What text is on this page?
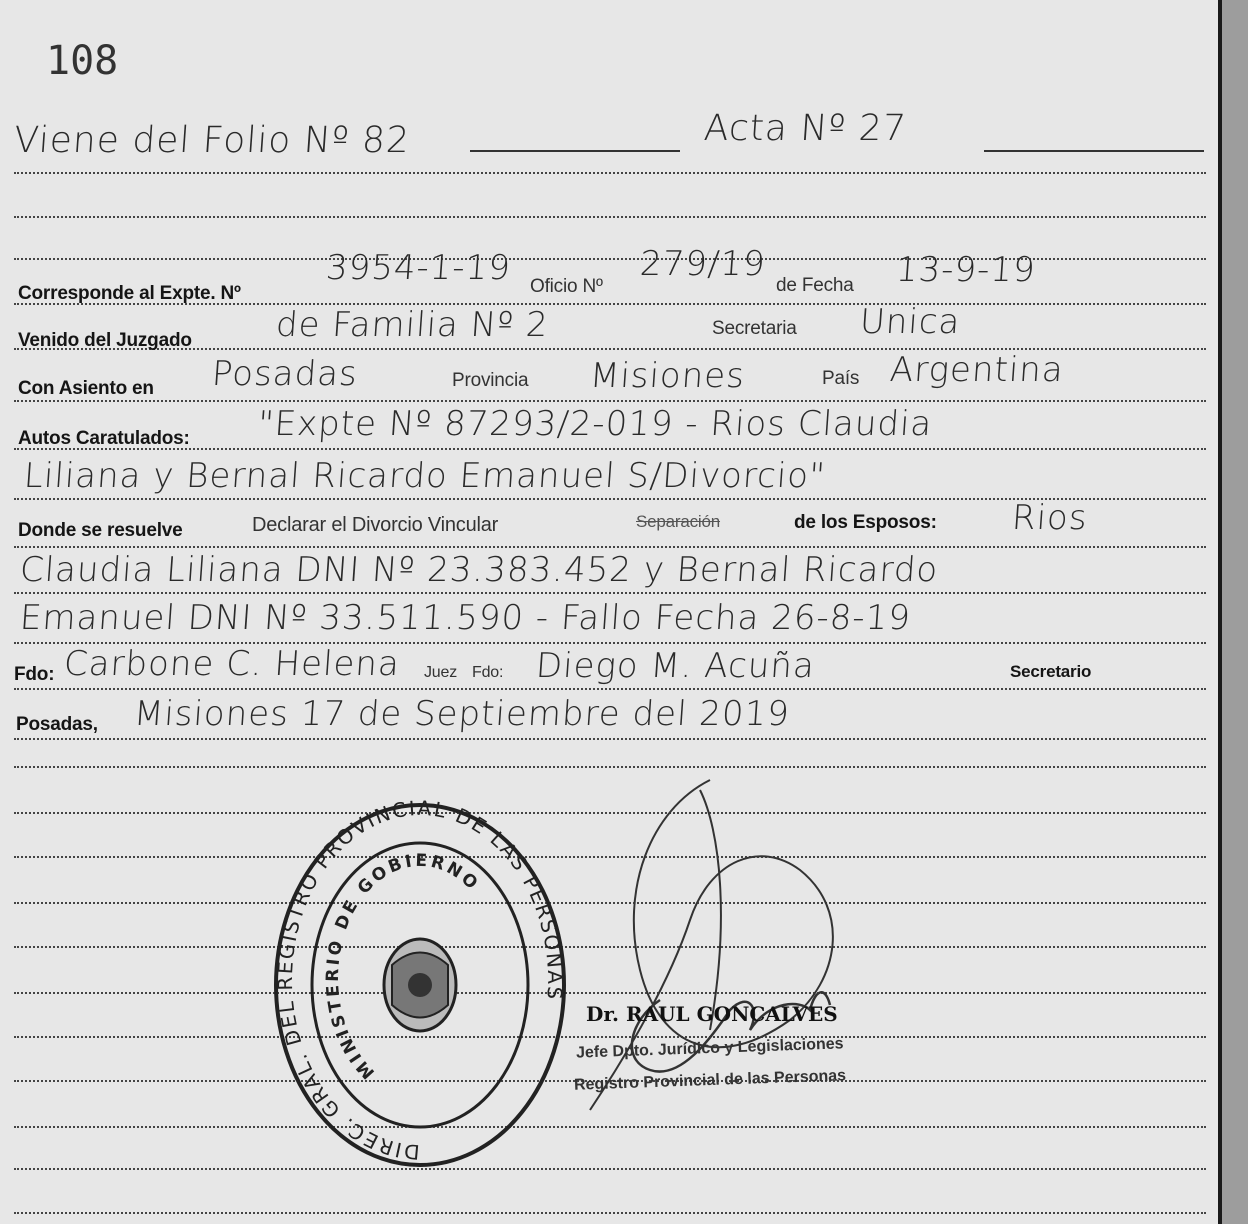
108
Viene del Folio Nº 82	Acta Nº 27
Corresponde al Expte. Nº
3954-1-19 Oficio Nº
279/19
de Fecha 13-9-19
Venido del Juzgado de Familia Nº 2	Secretaria Unica
Con Asiento en Posadas	Provincia Misiones	País Argentina
Autos Caratulados: "Expte Nº 87293/2-019 - Rios Claudia
Liliana y Bernal Ricardo Emanuel S/Divorcio"
Donde se resuelve	Declarar el Divorcio Vincular	Separación	de los Esposos: Rios
Claudia Liliana DNI Nº 23.383.452 y Bernal Ricardo
Emanuel DNI Nº 33.511.590 - Fallo Fecha 26-8-19
Fdo: Carbone C. Helena Juez Fdo: Diego M. Acuña	Secretario
Posadas, Misiones 17 de Septiembre del 2019
DIREC. GRAL. DEL REGISTRO PROVINCIAL DE LAS PERSONAS
MINISTERIO DE GOBIERNO
Dr. RAUL GONCALVES
Jefe Dpto. Jurídico y Legislaciones
Registro Provincial de las Personas
